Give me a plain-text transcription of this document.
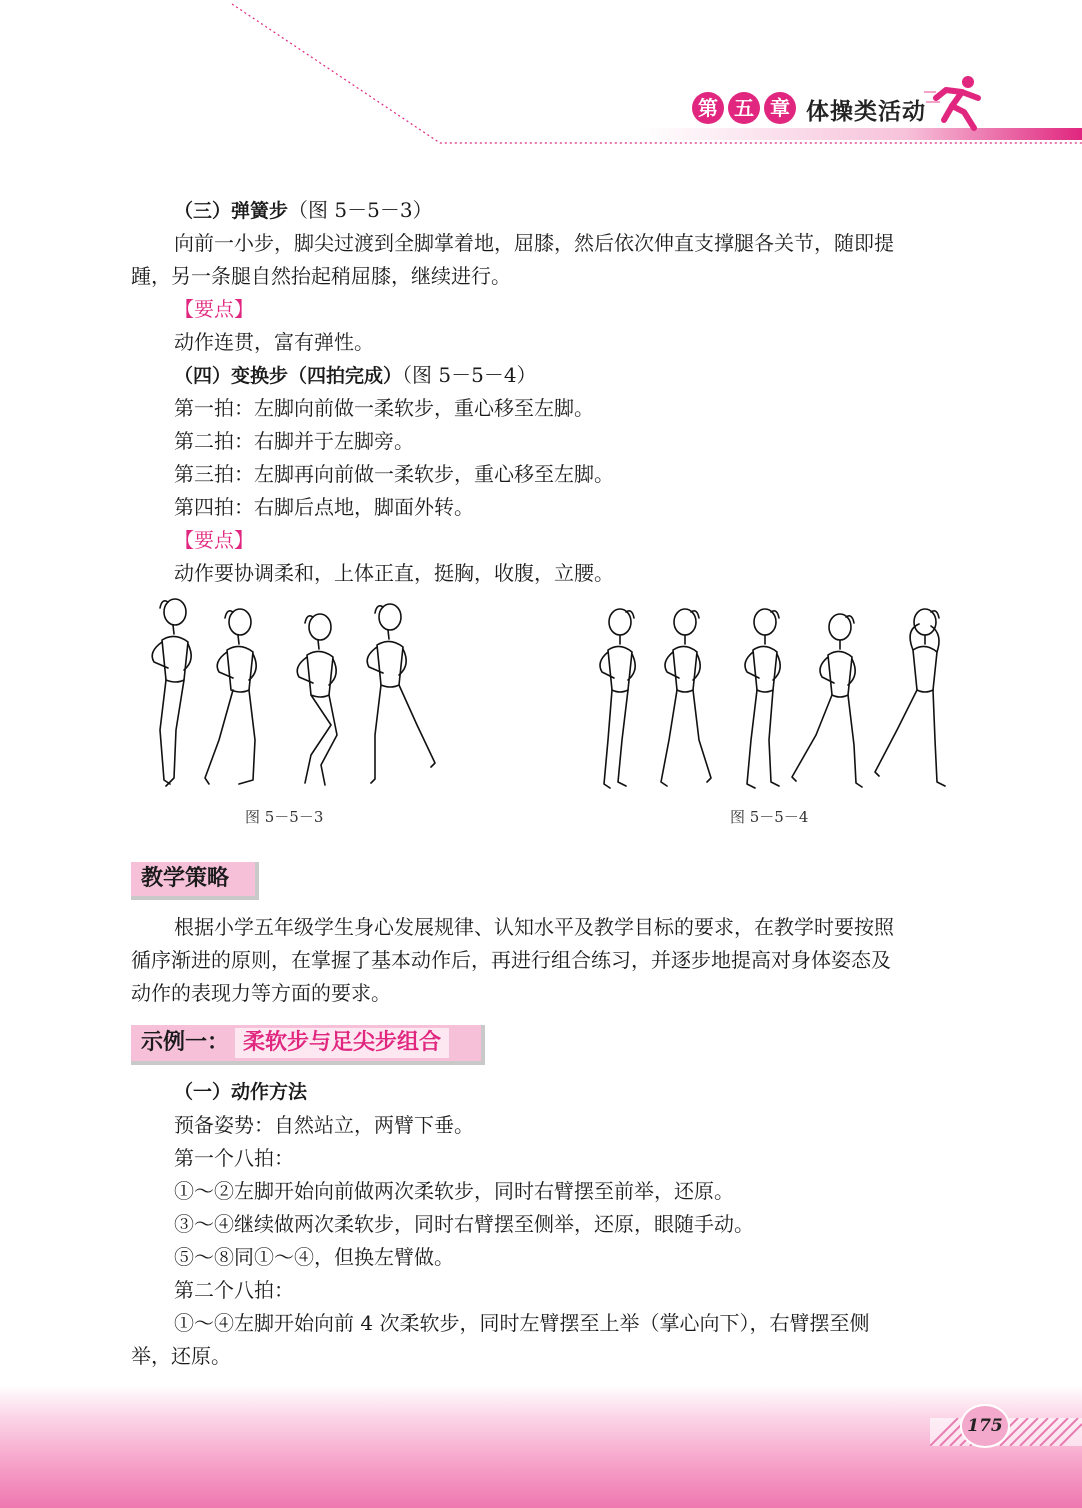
第 五 章 体操类活动
（三）弹簧步（图 5－5－3）
向前一小步，脚尖过渡到全脚掌着地，屈膝，然后依次伸直支撑腿各关节，随即提
踵，另一条腿自然抬起稍屈膝，继续进行。
【要点】
动作连贯，富有弹性。
（四）变换步（四拍完成）（图 5－5－4）
第一拍：左脚向前做一柔软步，重心移至左脚。
第二拍：右脚并于左脚旁。
第三拍：左脚再向前做一柔软步，重心移至左脚。
第四拍：右脚后点地，脚面外转。
【要点】
动作要协调柔和，上体正直，挺胸，收腹，立腰。
图 5－5－3	图 5－5－4
教学策略
根据小学五年级学生身心发展规律、认知水平及教学目标的要求，在教学时要按照
循序渐进的原则，在掌握了基本动作后，再进行组合练习，并逐步地提高对身体姿态及
动作的表现力等方面的要求。
示例一： 柔软步与足尖步组合
（一）动作方法
预备姿势：自然站立，两臂下垂。
第一个八拍：
①～②左脚开始向前做两次柔软步，同时右臂摆至前举，还原。
③～④继续做两次柔软步，同时右臂摆至侧举，还原，眼随手动。
⑤～⑧同①～④，但换左臂做。
第二个八拍：
①～④左脚开始向前 4 次柔软步，同时左臂摆至上举（掌心向下），右臂摆至侧
举，还原。
175
